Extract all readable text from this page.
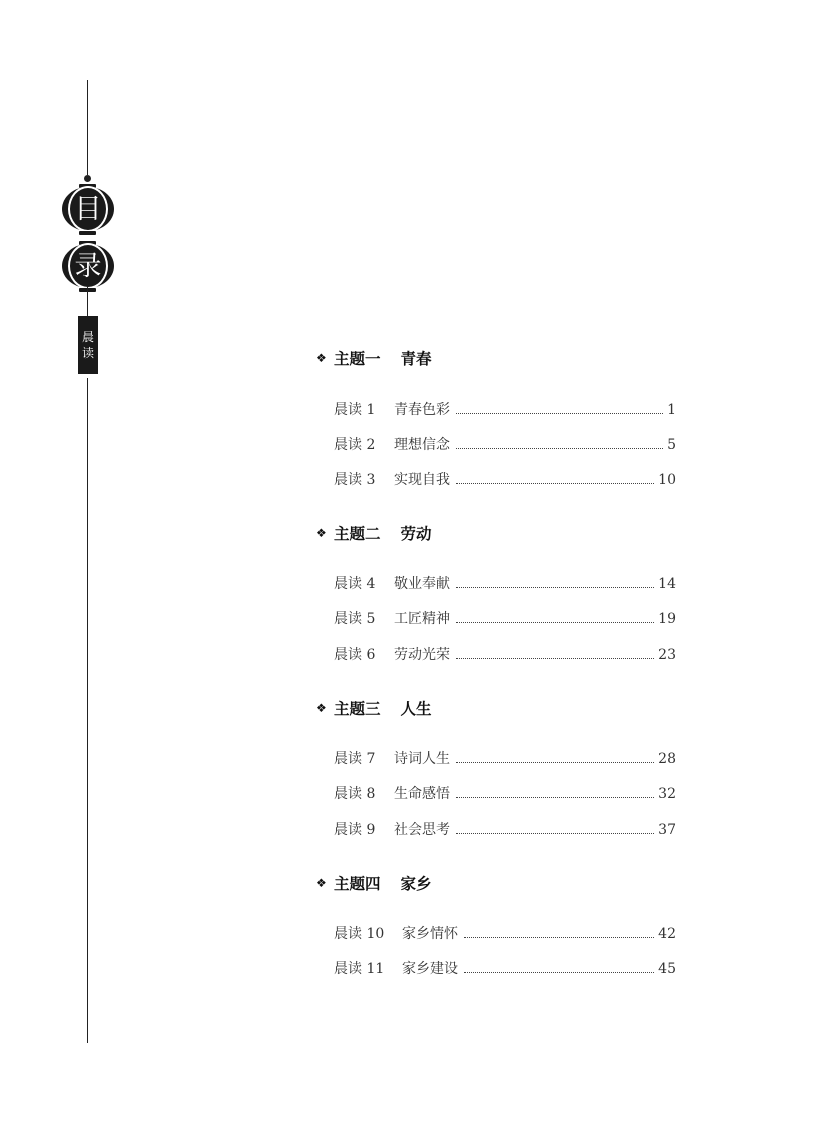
目
录
晨
读	❖ 主题一 青春
晨读 1	青春色彩	1
晨读 2	理想信念	5
晨读 3	实现自我	10
❖ 主题二 劳动
晨读 4	敬业奉献	14
晨读 5	工匠精神	19
晨读 6	劳动光荣	23
❖ 主题三 人生
晨读 7	诗词人生	28
晨读 8	生命感悟	32
晨读 9	社会思考	37
❖ 主题四 家乡
晨读 10	家乡情怀	42
晨读 11	家乡建设	45
